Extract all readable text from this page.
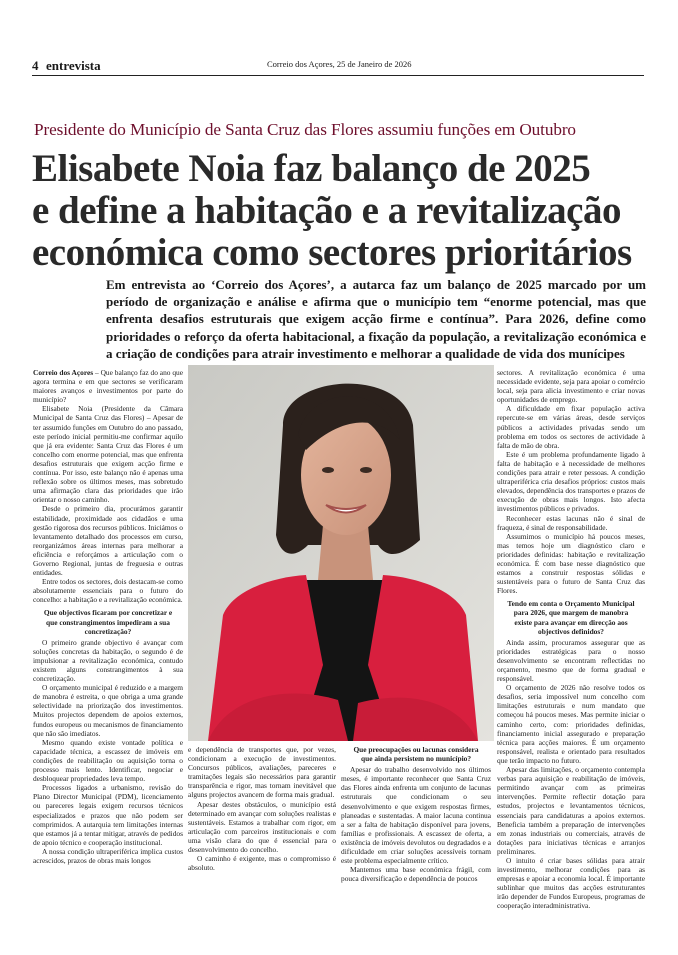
4 entrevista	Correio dos Açores, 25 de Janeiro de 2026
Presidente do Município de Santa Cruz das Flores assumiu funções em Outubro
Elisabete Noia faz balanço de 2025
e define a habitação e a revitalização
económica como sectores prioritários
Em entrevista ao ‘Correio dos Açores’, a autarca faz um balanço de 2025 marcado por um período de organização e análise e afirma que o município tem “enorme potencial, mas que enfrenta desafios estruturais que exigem acção firme e contínua”. Para 2026, define como prioridades o reforço da oferta habitacional, a fixação da população, a revitalização económica e a criação de condições para atrair investimento e melhorar a qualidade de vida dos munícipes

Correio dos Açores – Que balanço faz do ano que agora termina e em que sectores se verificaram maiores avanços e investimentos por parte do município?

Elisabete Noia (Presidente da Câmara Municipal de Santa Cruz das Flores) – Apesar de ter assumido funções em Outubro do ano passado, este período inicial permitiu-me confirmar aquilo que já era evidente: Santa Cruz das Flores é um concelho com enorme potencial, mas que enfrenta desafios estruturais que exigem acção firme e contínua. Por isso, este balanço não é apenas uma reflexão sobre os últimos meses, mas sobretudo uma afirmação clara das prioridades que irão orientar o nosso caminho.

Desde o primeiro dia, procurámos garantir estabilidade, proximidade aos cidadãos e uma gestão rigorosa dos recursos públicos. Iniciámos o levantamento detalhado dos processos em curso, reorganizámos áreas internas para melhorar a eficiência e reforçámos a articulação com o Governo Regional, juntas de freguesia e outras entidades.

Entre todos os sectores, dois destacam-se como absolutamente essenciais para o futuro do concelho: a habitação e a revitalização económica.

Que objectivos ficaram por concretizar e que constrangimentos impediram a sua concretização?

O primeiro grande objectivo é avançar com soluções concretas da habitação, o segundo é de impulsionar a revitalização económica, contudo existem alguns constrangimentos à sua concretização.

O orçamento municipal é reduzido e a margem de manobra é estreita, o que obriga a uma grande selectividade na priorização dos investimentos. Muitos projectos dependem de apoios externos, fundos europeus ou mecanismos de financiamento que não são imediatos.

Mesmo quando existe vontade política e capacidade técnica, a escassez de imóveis em condições de reabilitação ou aquisição torna o processo mais lento. Identificar, negociar e desbloquear propriedades leva tempo.

Processos ligados a urbanismo, revisão do Plano Director Municipal (PDM), licenciamento ou pareceres legais exigem recursos técnicos especializados e prazos que não podem ser comprimidos. A autarquia tem limitações internas que estamos já a tentar mitigar, através de pedidos de apoio técnico e cooperação institucional.

A nossa condição ultraperiférica implica custos acrescidos, prazos de obras mais longos

e dependência de transportes que, por vezes, condicionam a execução de investimentos. Concursos públicos, avaliações, pareceres e tramitações legais são necessários para garantir transparência e rigor, mas tornam inevitável que alguns projectos avancem de forma mais gradual.

Apesar destes obstáculos, o município está determinado em avançar com soluções realistas e sustentáveis. Estamos a trabalhar com rigor, em articulação com parceiros institucionais e com uma visão clara do que é essencial para o desenvolvimento do concelho.

O caminho é exigente, mas o compromisso é absoluto.

Que preocupações ou lacunas considera que ainda persistem no município?

Apesar do trabalho desenvolvido nos últimos meses, é importante reconhecer que Santa Cruz das Flores ainda enfrenta um conjunto de lacunas estruturais que condicionam o seu desenvolvimento e que exigem respostas firmes, planeadas e sustentadas. A maior lacuna continua a ser a falta de habitação disponível para jovens, famílias e profissionais. A escassez de oferta, a existência de imóveis devolutos ou degradados e a dificuldade em criar soluções acessíveis tornam este problema especialmente crítico.

Mantemos uma base económica frágil, com pouca diversificação e dependência de poucos

sectores. A revitalização económica é uma necessidade evidente, seja para apoiar o comércio local, seja para alicia investimento e criar novas oportunidades de emprego.

A dificuldade em fixar população activa repercute-se em várias áreas, desde serviços públicos a actividades privadas sendo um problema em todos os sectores de actividade à falta de mão de obra.

Este é um problema profundamente ligado à falta de habitação e à necessidade de melhores condições para atrair e reter pessoas. A condição ultraperiférica cria desafios próprios: custos mais elevados, dependência dos transportes e prazos de execução de obras mais longos. Isto afecta investimentos públicos e privados.

Reconhecer estas lacunas não é sinal de fraqueza, é sinal de responsabilidade.

Assumimos o município há poucos meses, mas temos hoje um diagnóstico claro e prioridades definidas: habitação e revitalização económica. É com base nesse diagnóstico que estamos a construir respostas sólidas e sustentáveis para o futuro de Santa Cruz das Flores.

Tendo em conta o Orçamento Municipal para 2026, que margem de manobra existe para avançar em direcção aos objectivos definidos?

Ainda assim, procuramos assegurar que as prioridades estratégicas para o nosso desenvolvimento se encontram reflectidas no orçamento, mesmo que de forma gradual e responsável.

O orçamento de 2026 não resolve todos os desafios, seria impossível num concelho com limitações estruturais e num mandato que começou há poucos meses. Mas permite iniciar o caminho certo, com: prioridades definidas, financiamento inicial assegurado e preparação técnica para acções maiores. É um orçamento responsável, realista e orientado para resultados que terão impacto no futuro.

Apesar das limitações, o orçamento contempla verbas para aquisição e reabilitação de imóveis, permitindo avançar com as primeiras intervenções. Permite reflectir dotação para estudos, projectos e levantamentos técnicos, essenciais para candidaturas a apoios externos. Beneficia também a preparação de intervenções em zonas industriais ou comerciais, através de dotações para iniciativas técnicas e arranjos preliminares.

O intuito é criar bases sólidas para atrair investimento, melhorar condições para as empresas e apoiar a economia local. É importante sublinhar que muitos das acções estruturantes irão depender de Fundos Europeus, programas de cooperação interadministrativa.
